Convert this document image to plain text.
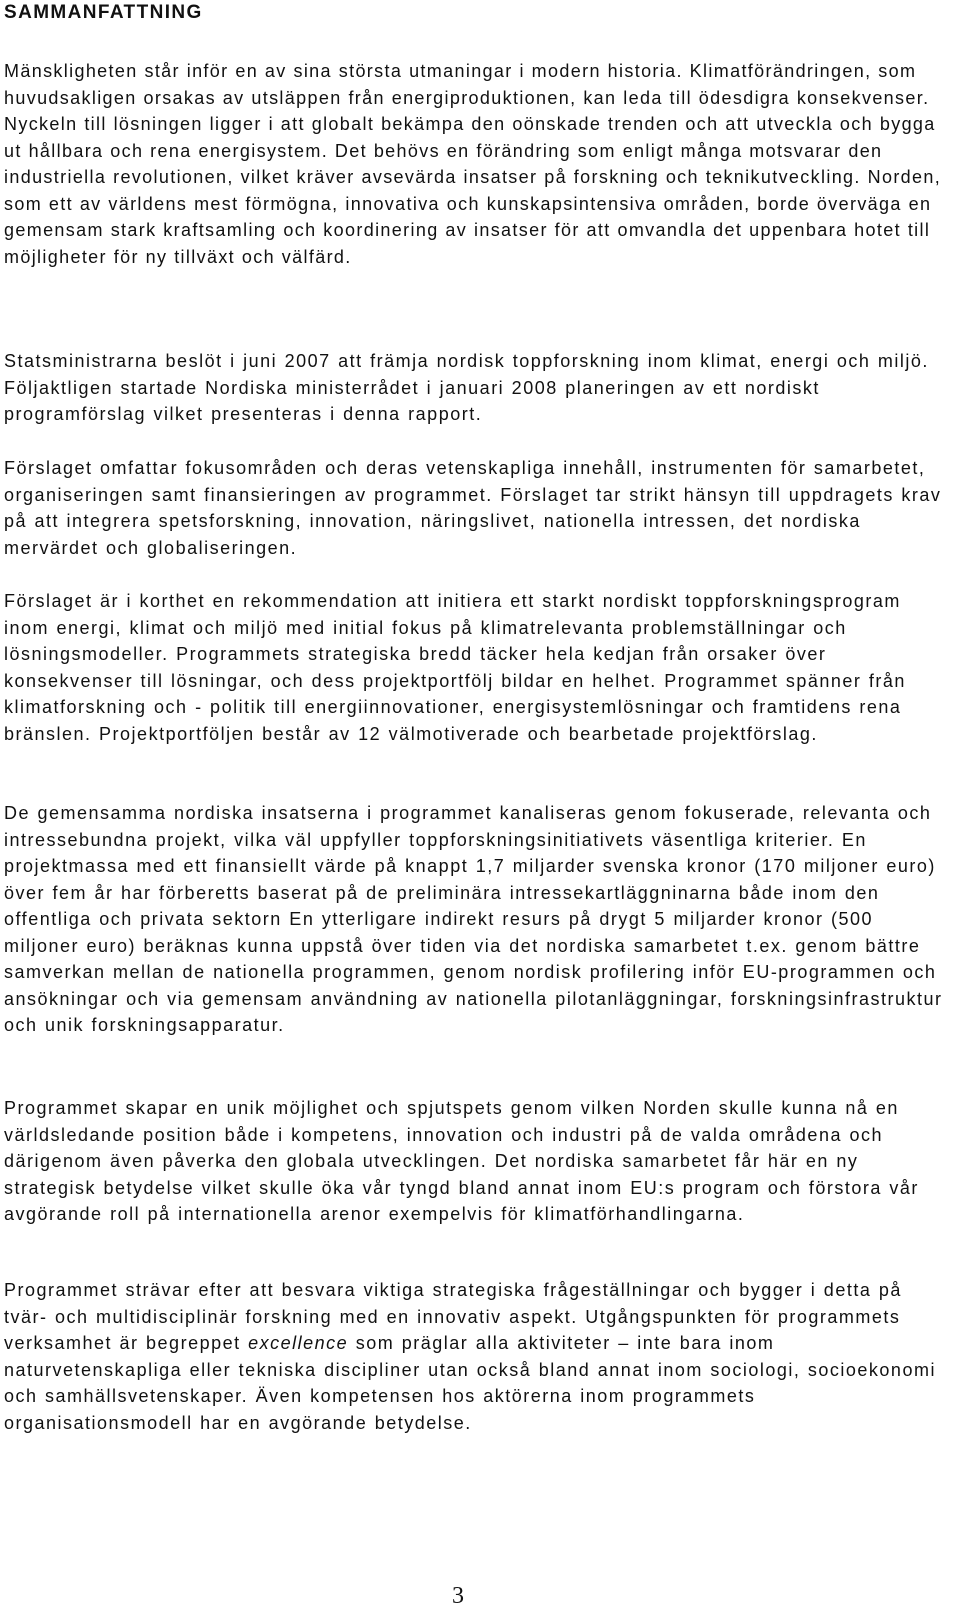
SAMMANFATTNING

Mänskligheten står inför en av sina största utmaningar i modern historia. Klimatförändringen, som huvudsakligen orsakas av utsläppen från energiproduktionen, kan leda till ödesdigra konsekvenser. Nyckeln till lösningen ligger i att globalt bekämpa den oönskade trenden och att utveckla och bygga ut hållbara och rena energisystem. Det behövs en förändring som enligt många motsvarar den industriella revolutionen, vilket kräver avsevärda insatser på forskning och teknikutveckling. Norden, som ett av världens mest förmögna, innovativa och kunskapsintensiva områden, borde överväga en gemensam stark kraftsamling och koordinering av insatser för att omvandla det uppenbara hotet till möjligheter för ny tillväxt och välfärd.

Statsministrarna beslöt i juni 2007 att främja nordisk toppforskning inom klimat, energi och miljö. Följaktligen startade Nordiska ministerrådet i januari 2008 planeringen av ett nordiskt programförslag vilket presenteras i denna rapport.

Förslaget omfattar fokusområden och deras vetenskapliga innehåll, instrumenten för samarbetet, organiseringen samt finansieringen av programmet. Förslaget tar strikt hänsyn till uppdragets krav på att integrera spetsforskning, innovation, näringslivet, nationella intressen, det nordiska mervärdet och globaliseringen.

Förslaget är i korthet en rekommendation att initiera ett starkt nordiskt toppforskningsprogram inom energi, klimat och miljö med initial fokus på klimatrelevanta problemställningar och lösningsmodeller. Programmets strategiska bredd täcker hela kedjan från orsaker över konsekvenser till lösningar, och dess projektportfölj bildar en helhet. Programmet spänner från klimatforskning och - politik till energiinnovationer, energisystemlösningar och framtidens rena bränslen. Projektportföljen består av 12 välmotiverade och bearbetade projektförslag.

De gemensamma nordiska insatserna i programmet kanaliseras genom fokuserade, relevanta och intressebundna projekt, vilka väl uppfyller toppforskningsinitiativets väsentliga kriterier. En projektmassa med ett finansiellt värde på knappt 1,7 miljarder svenska kronor (170 miljoner euro) över fem år har förberetts baserat på de preliminära intressekartläggninarna både inom den offentliga och privata sektorn En ytterligare indirekt resurs på drygt 5 miljarder kronor (500 miljoner euro) beräknas kunna uppstå över tiden via det nordiska samarbetet t.ex. genom bättre samverkan mellan de nationella programmen, genom nordisk profilering inför EU-programmen och ansökningar och via gemensam användning av nationella pilotanläggningar, forskningsinfrastruktur och unik forskningsapparatur.

Programmet skapar en unik möjlighet och spjutspets genom vilken Norden skulle kunna nå en världsledande position både i kompetens, innovation och industri på de valda områdena och därigenom även påverka den globala utvecklingen. Det nordiska samarbetet får här en ny strategisk betydelse vilket skulle öka vår tyngd bland annat inom EU:s program och förstora vår avgörande roll på internationella arenor exempelvis för klimatförhandlingarna.

Programmet strävar efter att besvara viktiga strategiska frågeställningar och bygger i detta på tvär- och multidisciplinär forskning med en innovativ aspekt. Utgångspunkten för programmets verksamhet är begreppet excellence som präglar alla aktiviteter – inte bara inom naturvetenskapliga eller tekniska discipliner utan också bland annat inom sociologi, socioekonomi och samhällsvetenskaper. Även kompetensen hos aktörerna inom programmets organisationsmodell har en avgörande betydelse.

3
